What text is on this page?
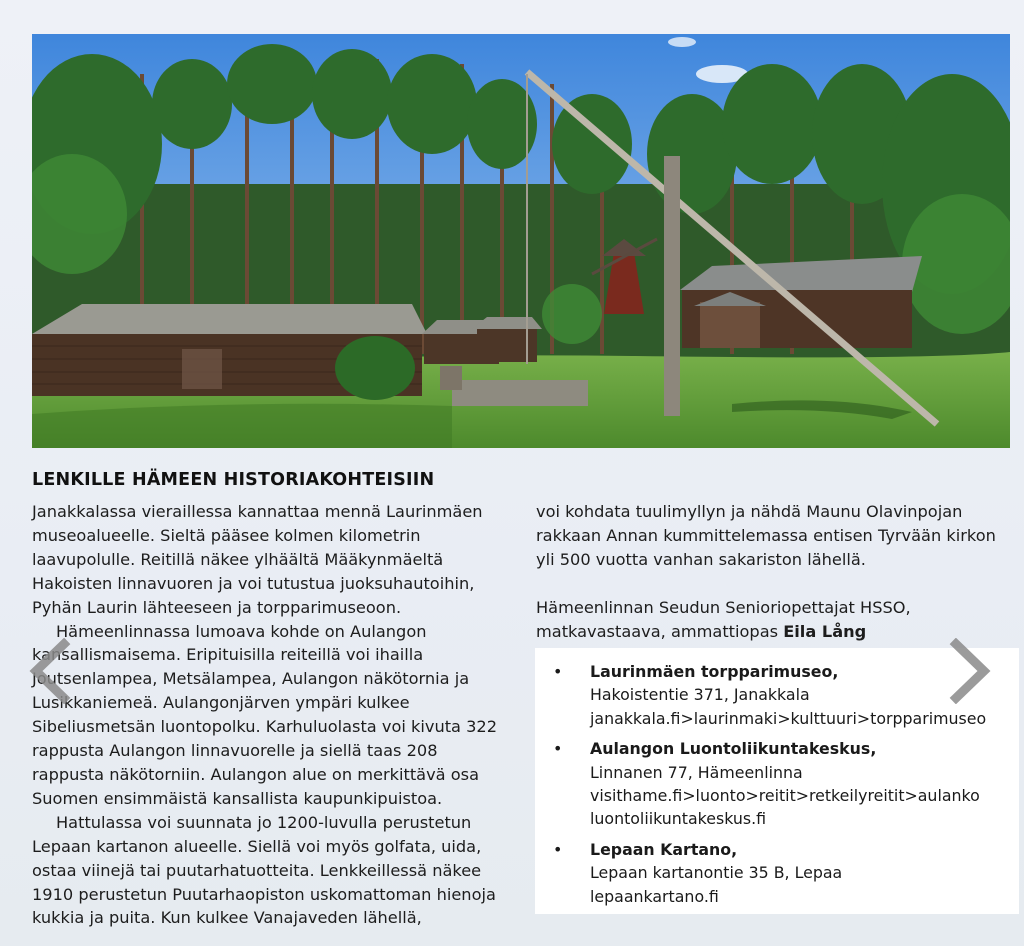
LENKILLE HÄMEEN HISTORIAKOHTEISIIN

Janakkalassa vieraillessa kannattaa mennä Laurinmäen museoalueelle. Sieltä pääsee kolmen kilometrin laavupolulle. Reitillä näkee ylhäältä Määkynmäeltä Hakoisten linnavuoren ja voi tutustua juoksuhautoihin, Pyhän Laurin lähteeseen ja torpparimuseoon.

Hämeenlinnassa lumoava kohde on Aulangon kansallismaisema. Eripituisilla reiteillä voi ihailla Joutsenlampea, Metsälampea, Aulangon näkötornia ja Lusikkaniemeä. Aulangonjärven ympäri kulkee Sibeliusmetsän luontopolku. Karhuluolasta voi kivuta 322 rappusta Aulangon linnavuorelle ja siellä taas 208 rappusta näkötorniin. Aulangon alue on merkittävä osa Suomen ensimmäistä kansallista kaupunkipuistoa.

Hattulassa voi suunnata jo 1200-luvulla perustetun Lepaan kartanon alueelle. Siellä voi myös golfata, uida, ostaa viinejä tai puutarhatuotteita. Lenkkeillessä näkee 1910 perustetun Puutarhaopiston uskomattoman hienoja kukkia ja puita. Kun kulkee Vanajaveden lähellä,

voi kohdata tuulimyllyn ja nähdä Maunu Olavinpojan rakkaan Annan kummittelemassa entisen Tyrvään kirkon yli 500 vuotta vanhan sakariston lähellä.

Hämeenlinnan Seudun Senioriopettajat HSSO, matkavastaava, ammattiopas Eila Lång

• Laurinmäen torpparimuseo,
Hakoistentie 371, Janakkala
janakkala.fi>laurinmaki>kulttuuri>torpparimuseo
• Aulangon Luontoliikuntakeskus,
Linnanen 77, Hämeenlinna
visithame.fi>luonto>reitit>retkeilyreitit>aulanko
luontoliikuntakeskus.fi
• Lepaan Kartano,
Lepaan kartanontie 35 B, Lepaa
lepaankartano.fi
